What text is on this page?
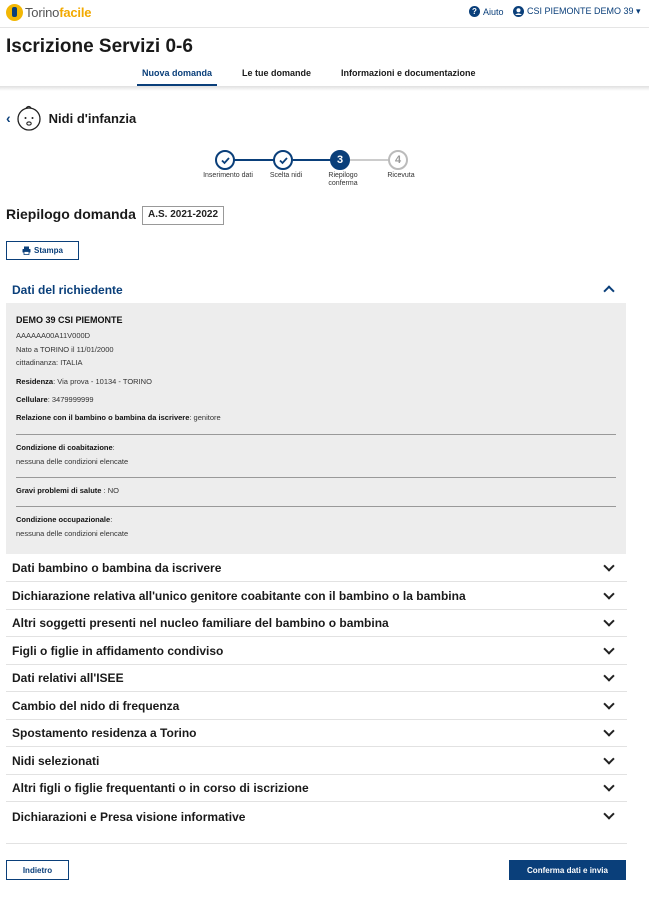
Torinofacile	? Aiuto	CSI PIEMONTE DEMO 39 ▾
Iscrizione Servizi 0-6
Nuova domanda	Le tue domande	Informazioni e documentazione
‹	Nidi d'infanzia
3	4
Inserimento dati	Scelta nidi	Riepilogo conferma
Ricevuta
Riepilogo domanda	A.S. 2021-2022
Stampa
Dati del richiedente
DEMO 39 CSI PIEMONTE
AAAAAA00A11V000D
Nato a TORINO il 11/01/2000
cittadinanza: ITALIA
Residenza: Via prova - 10134 - TORINO
Cellulare: 3479999999
Relazione con il bambino o bambina da iscrivere: genitore
Condizione di coabitazione:
nessuna delle condizioni elencate
Gravi problemi di salute : NO
Condizione occupazionale:
nessuna delle condizioni elencate
Dati bambino o bambina da iscrivere
Dichiarazione relativa all'unico genitore coabitante con il bambino o la bambina
Altri soggetti presenti nel nucleo familiare del bambino o bambina
Figli o figlie in affidamento condiviso
Dati relativi all'ISEE
Cambio del nido di frequenza
Spostamento residenza a Torino
Nidi selezionati
Altri figli o figlie frequentanti o in corso di iscrizione
Dichiarazioni e Presa visione informative
Indietro	Conferma dati e invia
